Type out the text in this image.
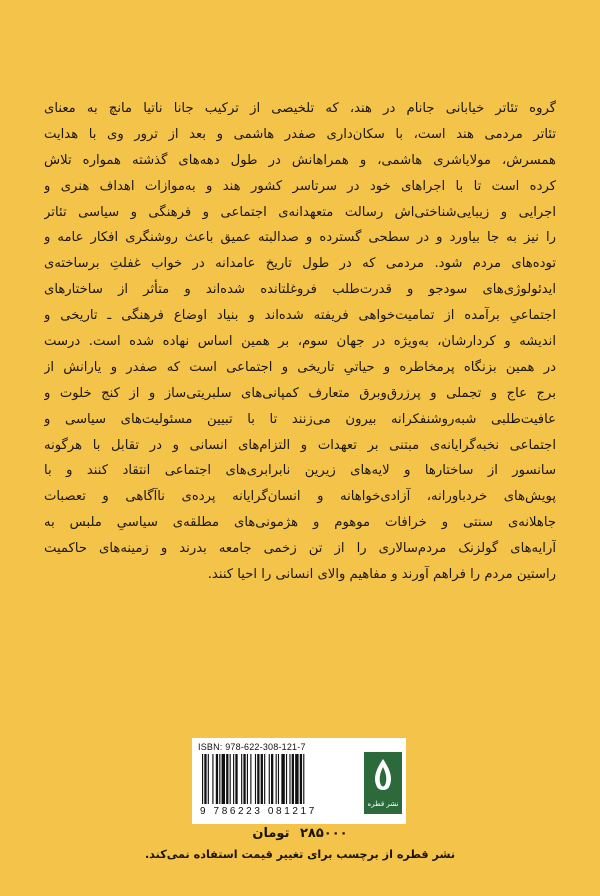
گروه تئاتر خیابانی جانام در هند، که تلخیصی از ترکیب جانا ناتیا مانچ به معنای
تئاتر مردمی هند است، با سکان‌داری صفدر هاشمی و بعد از ترور وی با هدایت
همسرش، مولایاشری هاشمی، و همراهانش در طول دهه‌های گذشته همواره تلاش
کرده است تا با اجراهای خود در سرتاسر کشور هند و به‌موازات اهداف هنری و
اجرایی و زیبایی‌شناختی‌اش رسالت متعهدانه‌ی اجتماعی و فرهنگی و سیاسی تئاتر
را نیز به جا بیاورد و در سطحی گسترده و صدالبته عمیق باعث روشنگری افکار عامه و
توده‌های مردم شود. مردمی که در طول تاریخ عامدانه در خواب غفلتِ برساخته‌ی
ایدئولوژی‌های سودجو و قدرت‌طلب فروغلتانده شده‌اند و متأثر از ساختارهای
اجتماعیِ برآمده از تمامیت‌خواهی فریفته شده‌اند و بنیاد اوضاع فرهنگی ـ تاریخی و
اندیشه و کردارشان، به‌ویژه در جهان سوم، بر همین اساس نهاده شده است. درست
در همین بزنگاه پرمخاطره و حیاتیِ تاریخی و اجتماعی است که صفدر و یارانش از
برج عاج و تجملی و پرزرق‌وبرق متعارف کمپانی‌های سلبریتی‌ساز و از کنج خلوت و
عافیت‌طلبی شبه‌روشنفکرانه بیرون می‌زنند تا با تبیین مسئولیت‌های سیاسی و
اجتماعی نخبه‌گرایانه‌ی مبتنی بر تعهدات و التزام‌های انسانی و در تقابل با هرگونه
سانسور از ساختارها و لایه‌های زیرین نابرابری‌های اجتماعی انتقاد کنند و با
پویش‌های خردباورانه، آزادی‌خواهانه و انسان‌گرایانه پرده‌ی ناآگاهی و تعصبات
جاهلانه‌ی سنتی و خرافات موهوم و هژمونی‌های مطلقه‌ی سیاسیِ ملبس به
آرایه‌های گولزنک مردم‌سالاری را از تن زخمی جامعه بدرند و زمینه‌های حاکمیت
راستین مردم را فراهم آورند و مفاهیم والای انسانی را احیا کنند.
ISBN: 978-622-308-121-7
9 786223 081217
نشر قطره
۲۸۵۰۰۰ تومان
نشر قطره از برچسب برای تغییر قیمت استفاده نمی‌کند.
